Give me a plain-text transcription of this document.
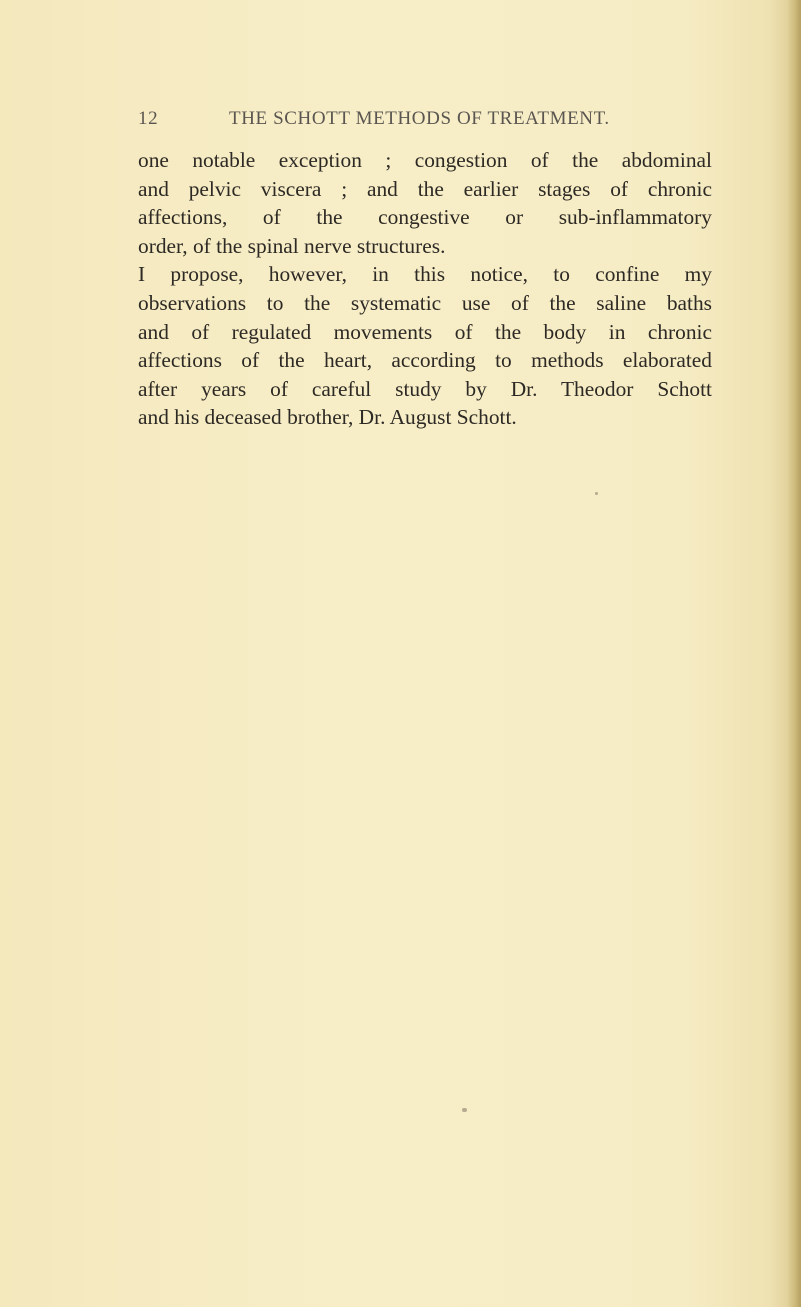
12	THE SCHOTT METHODS OF TREATMENT.
one notable exception ; congestion of the abdominal
and pelvic viscera ; and the earlier stages of chronic
affections, of the congestive or sub-inflammatory
order, of the spinal nerve structures.
I propose, however, in this notice, to confine my
observations to the systematic use of the saline baths
and of regulated movements of the body in chronic
affections of the heart, according to methods elaborated
after years of careful study by Dr. Theodor Schott
and his deceased brother, Dr. August Schott.
